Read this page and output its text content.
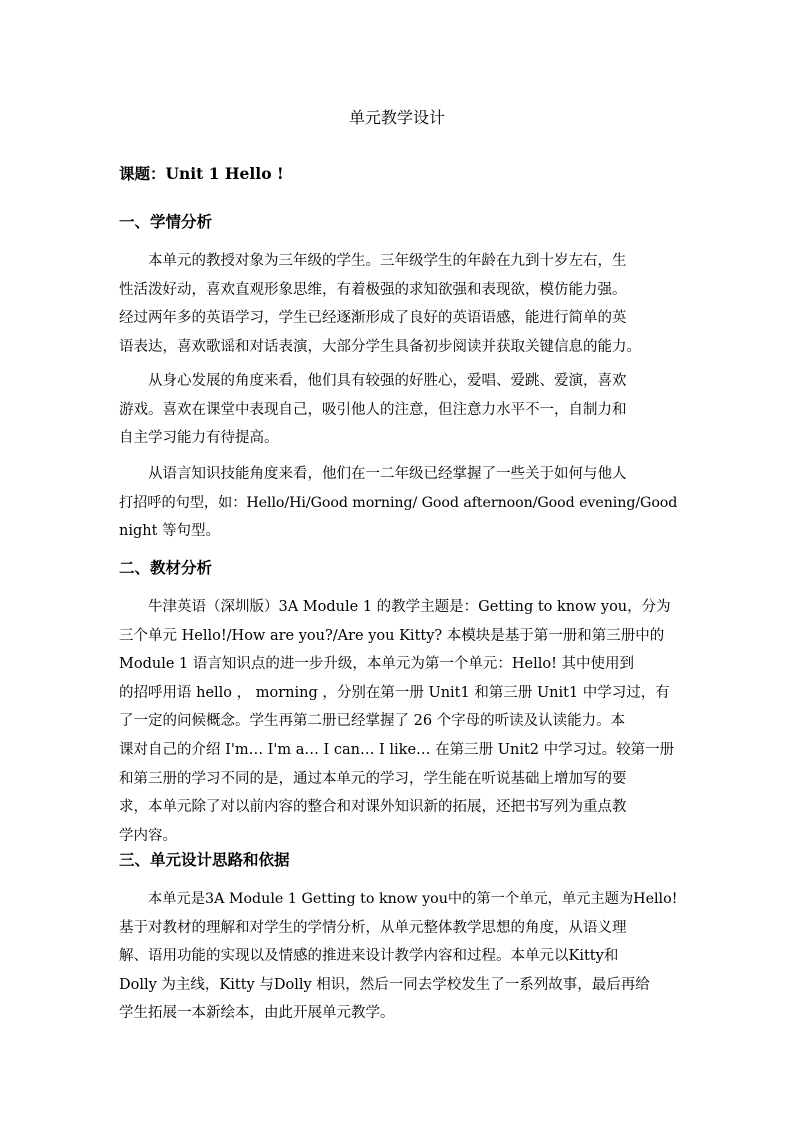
单元教学设计
课题：Unit 1 Hello !
一、学情分析

本单元的教授对象为三年级的学生。三年级学生的年龄在九到十岁左右，生
性活泼好动，喜欢直观形象思维，有着极强的求知欲强和表现欲，模仿能力强。
经过两年多的英语学习，学生已经逐渐形成了良好的英语语感，能进行简单的英
语表达，喜欢歌谣和对话表演，大部分学生具备初步阅读并获取关键信息的能力。

从身心发展的角度来看，他们具有较强的好胜心，爱唱、爱跳、爱演，喜欢
游戏。喜欢在课堂中表现自己，吸引他人的注意，但注意力水平不一，自制力和
自主学习能力有待提高。

从语言知识技能角度来看，他们在一二年级已经掌握了一些关于如何与他人
打招呼的句型，如：Hello/Hi/Good morning/ Good afternoon/Good evening/Good
night 等句型。

二、教材分析

牛津英语（深圳版）3A Module 1 的教学主题是：Getting to know you，分为
三个单元 Hello!/How are you?/Are you Kitty? 本模块是基于第一册和第三册中的
Module 1 语言知识点的进一步升级，本单元为第一个单元：Hello! 其中使用到
的招呼用语 hello ， morning ，分别在第一册 Unit1 和第三册 Unit1 中学习过，有
了一定的问候概念。学生再第二册已经掌握了 26 个字母的听读及认读能力。本
课对自己的介绍 I'm… I'm a… I can… I like… 在第三册 Unit2 中学习过。较第一册
和第三册的学习不同的是，通过本单元的学习，学生能在听说基础上增加写的要
求，本单元除了对以前内容的整合和对课外知识新的拓展，还把书写列为重点教
学内容。

三、单元设计思路和依据

本单元是3A Module 1 Getting to know you中的第一个单元，单元主题为Hello!
基于对教材的理解和对学生的学情分析，从单元整体教学思想的角度，从语义理
解、语用功能的实现以及情感的推进来设计教学内容和过程。本单元以Kitty和
Dolly 为主线，Kitty 与Dolly 相识，然后一同去学校发生了一系列故事，最后再给
学生拓展一本新绘本，由此开展单元教学。
